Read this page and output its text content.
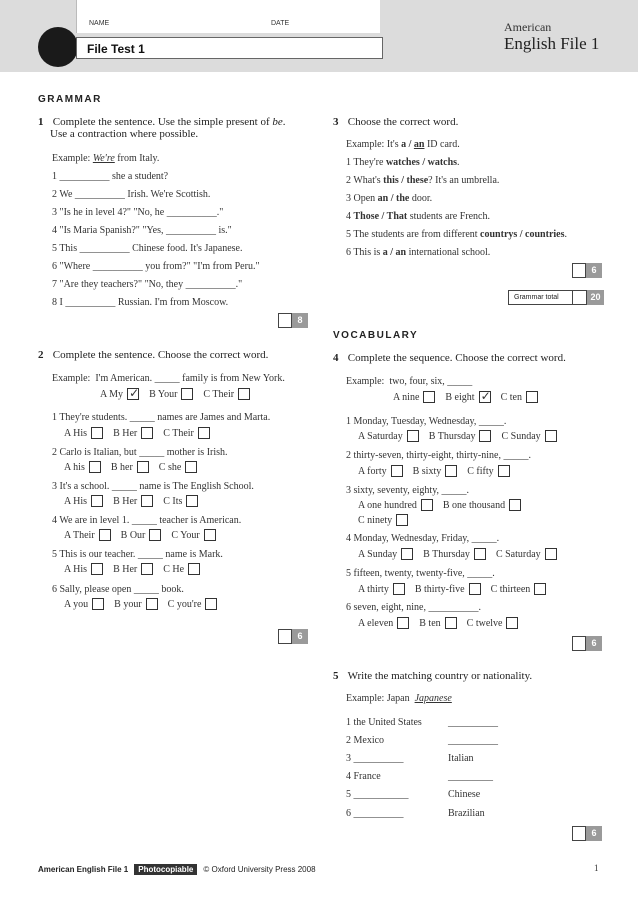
NAME	DATE
File Test 1
American
English File 1
GRAMMAR
1 Complete the sentence. Use the simple present of be.
Use a contraction where possible.
Example: We're from Italy.
1 __________ she a student?
2 We __________ Irish. We're Scottish.
3 "Is he in level 4?" "No, he __________."
4 "Is Maria Spanish?" "Yes, __________ is."
5 This __________ Chinese food. It's Japanese.
6 "Where __________ you from?" "I'm from Peru."
7 "Are they teachers?" "No, they __________."
8 I __________ Russian. I'm from Moscow.
8
2 Complete the sentence. Choose the correct word.
Example: I'm American. _____ family is from New York.
A My ✓	B Your	C Their
1 They're students. _____ names are James and Marta.
A His	B Her	C Their
2 Carlo is Italian, but _____ mother is Irish.
A his	B her	C she
3 It's a school. _____ name is The English School.
A His	B Her	C Its
4 We are in level 1. _____ teacher is American.
A Their	B Our	C Your
5 This is our teacher. _____ name is Mark.
A His	B Her	C He
6 Sally, please open _____ book.
A you	B your	C you're
6
3 Choose the correct word.
Example: It's a / an ID card.
1 They're watches / watchs.
2 What's this / these? It's an umbrella.
3 Open an / the door.
4 Those / That students are French.
5 The students are from different countrys / countries.
6 This is a / an international school.
6
Grammar total	20
VOCABULARY
4 Complete the sequence. Choose the correct word.
Example: two, four, six, _____
A nine	B eight ✓	C ten
1 Monday, Tuesday, Wednesday, _____.
A Saturday	B Thursday	C Sunday
2 thirty-seven, thirty-eight, thirty-nine, _____.
A forty	B sixty	C fifty
3 sixty, seventy, eighty, _____.
A one hundred	B one thousand
C ninety
4 Monday, Wednesday, Friday, _____.
A Sunday	B Thursday	C Saturday
5 fifteen, twenty, twenty-five, _____.
A thirty	B thirty-five	C thirteen
6 seven, eight, nine, __________.
A eleven	B ten	C twelve
6
5 Write the matching country or nationality.
Example: Japan Japanese
1 the United States	__________
2 Mexico	__________
3 __________	Italian
4 France	_________
5 ___________	Chinese
6 __________	Brazilian
6
American English File 1	Photocopiable	© Oxford University Press 2008	1
